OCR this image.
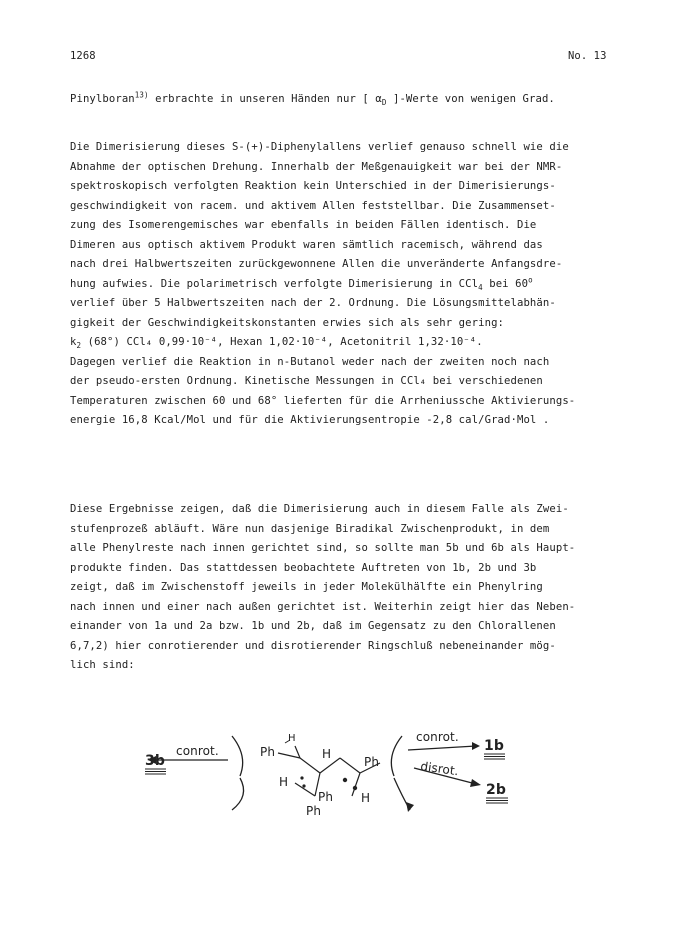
1268	No. 13
Pinylboran$^{13)}$ erbrachte in unseren Händen nur [ $\alpha_D$ ]-Werte von wenigen Grad.
Die Dimerisierung dieses S-(+)-Diphenylallens verlief genauso schnell wie die
Abnahme der optischen Drehung. Innerhalb der Meßgenauigkeit war bei der NMR-
spektroskopisch verfolgten Reaktion kein Unterschied in der Dimerisierungs-
geschwindigkeit von racem. und aktivem Allen feststellbar. Die Zusammenset-
zung des Isomerengemisches war ebenfalls in beiden Fällen identisch. Die
Dimeren aus optisch aktivem Produkt waren sämtlich racemisch, während das
nach drei Halbwertszeiten zurückgewonnene Allen die unveränderte Anfangsdre-
hung aufwies. Die polarimetrisch verfolgte Dimerisierung in CCl$_4$ bei 60$^o$
verlief über 5 Halbwertszeiten nach der 2. Ordnung. Die Lösungsmittelabhän-
gigkeit der Geschwindigkeitskonstanten erwies sich als sehr gering:
$k_2$ (68°) CCl₄ 0,99·10⁻⁴, Hexan 1,02·10⁻⁴, Acetonitril 1,32·10⁻⁴.
Dagegen verlief die Reaktion in n-Butanol weder nach der zweiten noch nach
der pseudo-ersten Ordnung. Kinetische Messungen in CCl₄ bei verschiedenen
Temperaturen zwischen 60 und 68° lieferten für die Arrheniussche Aktivierungs-
energie 16,8 Kcal/Mol und für die Aktivierungsentropie -2,8 cal/Grad·Mol .
Diese Ergebnisse zeigen, daß die Dimerisierung auch in diesem Falle als Zwei-
stufenprozeß abläuft. Wäre nun dasjenige Biradikal Zwischenprodukt, in dem
alle Phenylreste nach innen gerichtet sind, so sollte man 5b und 6b als Haupt-
produkte finden. Das stattdessen beobachtete Auftreten von 1b, 2b und 3b
zeigt, daß im Zwischenstoff jeweils in jeder Molekülhälfte ein Phenylring
nach innen und einer nach außen gerichtet ist. Weiterhin zeigt hier das Neben-
einander von 1a und 2a bzw. 1b und 2b, daß im Gegensatz zu den Chlorallenen
6,7,2) hier conrotierender und disrotierender Ringschluß nebeneinander mög-
lich sind:
conrot.
3b
Ph
H
H
H
Ph
H
Ph
Ph
conrot.
1b
disrot.
2b
